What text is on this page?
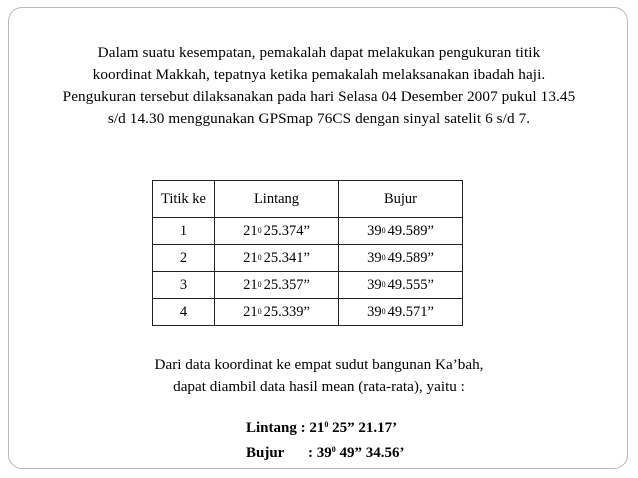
Dalam suatu kesempatan, pemakalah dapat melakukan pengukuran titik
koordinat Makkah, tepatnya ketika pemakalah melaksanakan ibadah haji.
Pengukuran tersebut dilaksanakan pada hari Selasa 04 Desember 2007 pukul 13.45
s/d 14.30 menggunakan GPSmap 76CS dengan sinyal satelit 6 s/d 7.
Titik ke	Lintang	Bujur
1	$21^0$ 25.374”	$39^0$ 49.589”
2	$21^0$ 25.341”	$39^0$ 49.589”
3	$21^0$ 25.357”	$39^0$ 49.555”
4	$21^0$ 25.339”	$39^0$ 49.571”
Dari data koordinat ke empat sudut bangunan Ka’bah,
dapat diambil data hasil mean (rata-rata), yaitu :
Lintang : $21^0$ 25” 21.17’
Bujur : $39^0$ 49” 34.56’
